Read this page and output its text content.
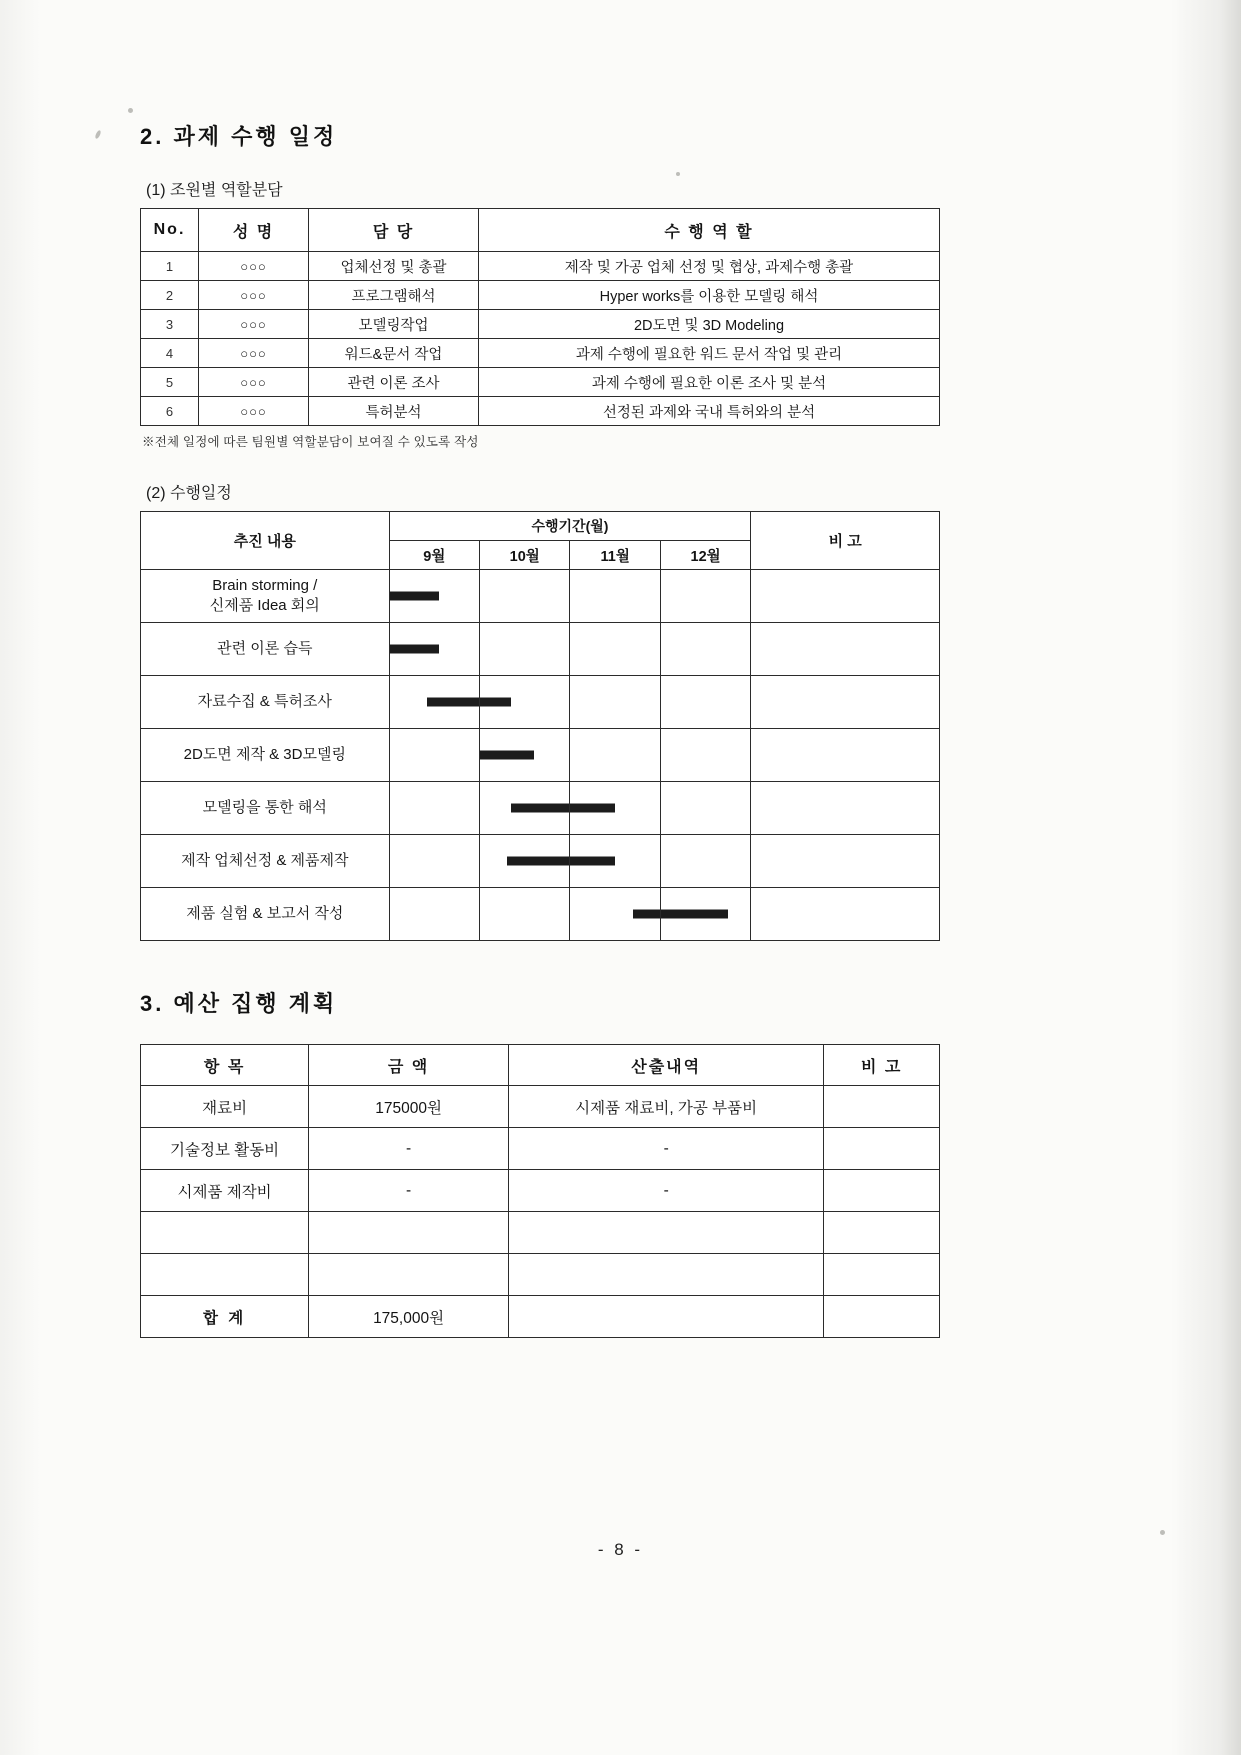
2. 과제 수행 일정
(1) 조원별 역할분담
No.	성 명	담 당	수 행 역 할
1	○○○	업체선정 및 총괄	제작 및 가공 업체 선정 및 협상, 과제수행 총괄
2	○○○	프로그램해석	Hyper works를 이용한 모델링 해석
3	○○○	모델링작업	2D도면 및 3D Modeling
4	○○○	워드&문서 작업	과제 수행에 필요한 워드 문서 작업 및 관리
5	○○○	관련 이론 조사	과제 수행에 필요한 이론 조사 및 분석
6	○○○	특허분석	선정된 과제와 국내 특허와의 분석
※전체 일정에 따른 팀원별 역할분담이 보여질 수 있도록 작성
(2) 수행일정
추진 내용	수행기간(월)				비 고
	9월	10월	11월	12월	
Brain storming /
신제품 Idea 회의	

관련 이론 습득	

자료수집 & 특허조사	

2D도면 제작 & 3D모델링		

모델링을 통한 해석		

제작 업체선정 & 제품제작		

제품 실험 & 보고서 작성			

3. 예산 집행 계획
항 목	금 액	산출내역	비 고
재료비	175000원	시제품 재료비, 가공 부품비	
기술정보 활동비	-	-	
시제품 제작비	-	-	

합 계	175,000원		
- 8 -
